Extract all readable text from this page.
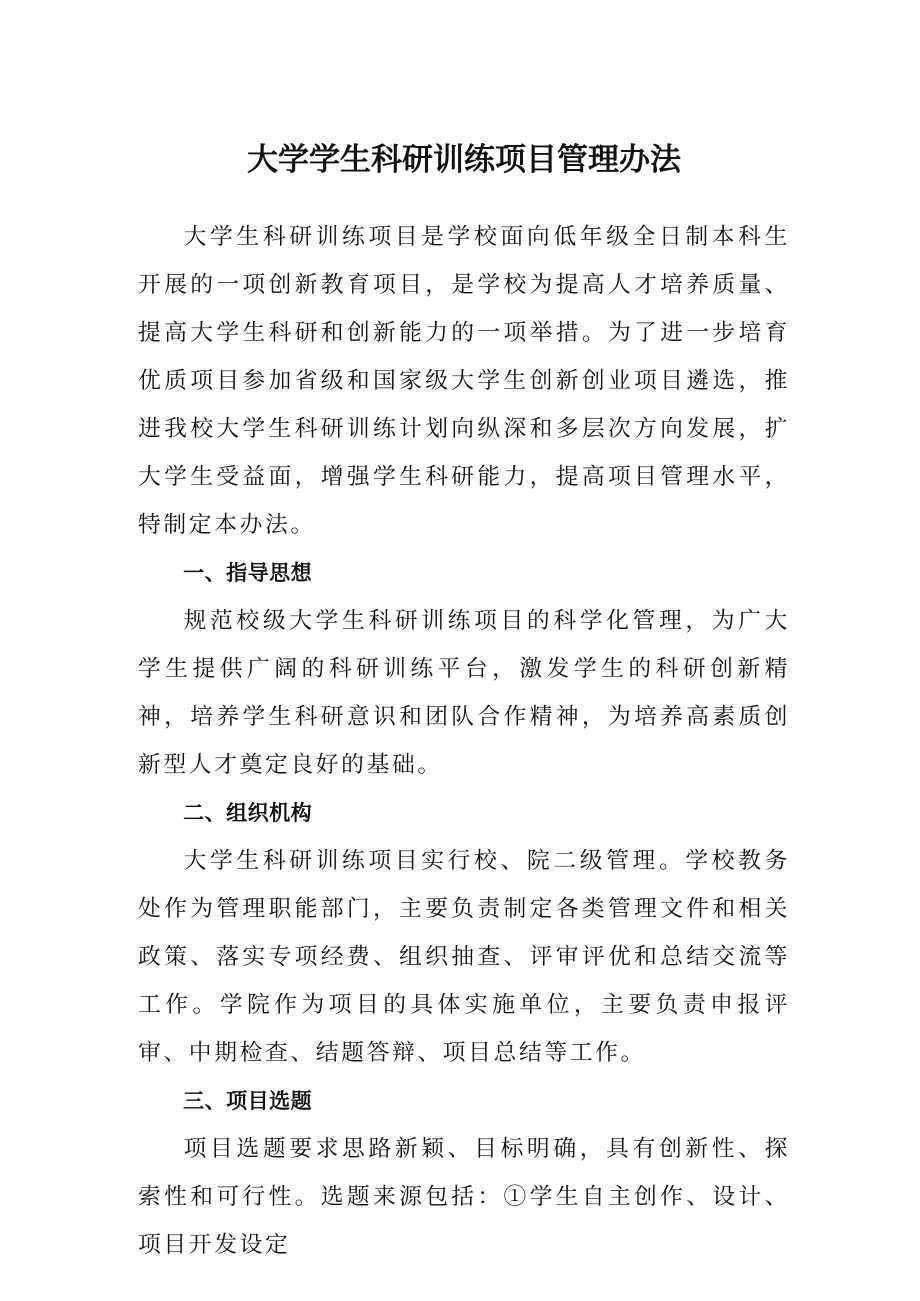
大学学生科研训练项目管理办法

大学生科研训练项目是学校面向低年级全日制本科生开展的一项创新教育项目，是学校为提高人才培养质量、提高大学生科研和创新能力的一项举措。为了进一步培育优质项目参加省级和国家级大学生创新创业项目遴选，推进我校大学生科研训练计划向纵深和多层次方向发展，扩大学生受益面，增强学生科研能力，提高项目管理水平，特制定本办法。

一、指导思想

规范校级大学生科研训练项目的科学化管理，为广大学生提供广阔的科研训练平台，激发学生的科研创新精神，培养学生科研意识和团队合作精神，为培养高素质创新型人才奠定良好的基础。

二、组织机构

大学生科研训练项目实行校、院二级管理。学校教务处作为管理职能部门，主要负责制定各类管理文件和相关政策、落实专项经费、组织抽查、评审评优和总结交流等工作。学院作为项目的具体实施单位，主要负责申报评审、中期检查、结题答辩、项目总结等工作。

三、项目选题

项目选题要求思路新颖、目标明确，具有创新性、探索性和可行性。选题来源包括：①学生自主创作、设计、项目开发设定
